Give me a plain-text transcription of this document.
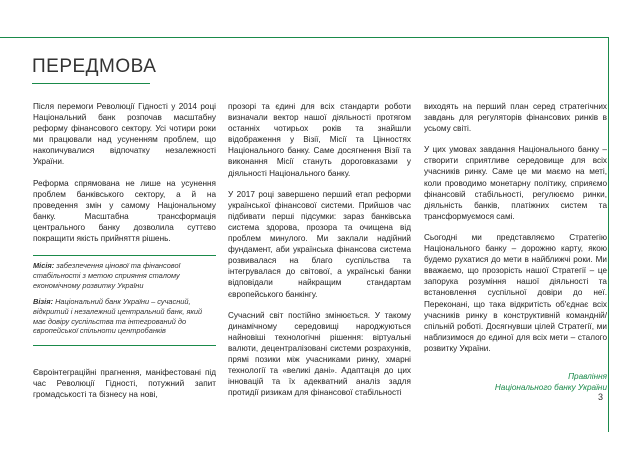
ПЕРЕДМОВА
3

Після перемоги Революції Гідності у 2014 році Національний банк розпочав масштабну реформу фінансового сектору. Усі чотири роки ми працювали над усуненням проблем, що накопичувалися відпочатку незалежності України.

Реформа спрямована не лише на усунення проблем банківського сектору, а й на проведення змін у самому Національному банку. Масштабна трансформація центрального банку дозволила суттєво покращити якість прийняття рішень.

Місія: забезпечення цінової та фінансової стабільності з метою сприяння сталому економічному розвитку України

Візія: Національний банк України – сучасний, відкритий і незалежний центральний банк, який має довіру суспільства та інтегрований до європейської спільноти центробанків

Євроінтеграційні прагнення, маніфестовані під час Революції Гідності, потужний запит громадськості та бізнесу на нові,

прозорі та єдині для всіх стандарти роботи визначали вектор нашої діяльності протягом останніх чотирьох років та знайшли відображення у Візії, Місії та Цінностях Національного банку. Саме досягнення Візії та виконання Місії стануть дороговказами у діяльності Національного банку.

У 2017 році завершено перший етап реформи української фінансової системи. Прийшов час підбивати перші підсумки: зараз банківська система здорова, прозора та очищена від проблем минулого. Ми заклали надійний фундамент, аби українська фінансова система розвивалася на благо суспільства та інтегрувалася до світової, а українські банки відповідали найкращим стандартам європейського банкінгу.

Сучасний світ постійно змінюється. У такому динамічному середовищі народжуються найновіші технологічні рішення: віртуальні валюти, децентралізовані системи розрахунків, прямі позики між учасниками ринку, хмарні технології та «великі дані». Адаптація до цих інновацій та їх адекватний аналіз задля протидії ризикам для фінансової стабільності

виходять на перший план серед стратегічних завдань для регуляторів фінансових ринків в усьому світі.

У цих умовах завдання Національного банку – створити сприятливе середовище для всіх учасників ринку. Саме це ми маємо на меті, коли проводимо монетарну політику, сприяємо фінансовій стабільності, регулюємо ринки, діяльність банків, платіжних систем та трансформуємося самі.

Сьогодні ми представляємо Стратегію Національного банку – дорожню карту, якою будемо рухатися до мети в найближчі роки. Ми вважаємо, що прозорість нашої Стратегії – це запорука розуміння нашої діяльності та встановлення суспільної довіри до неї. Переконані, що така відкритість об'єднає всіх учасників ринку в конструктивній командній/спільній роботі. Досягнувши цілей Стратегії, ми наблизимося до єдиної для всіх мети – сталого розвитку України.

Правління
Національного банку України
